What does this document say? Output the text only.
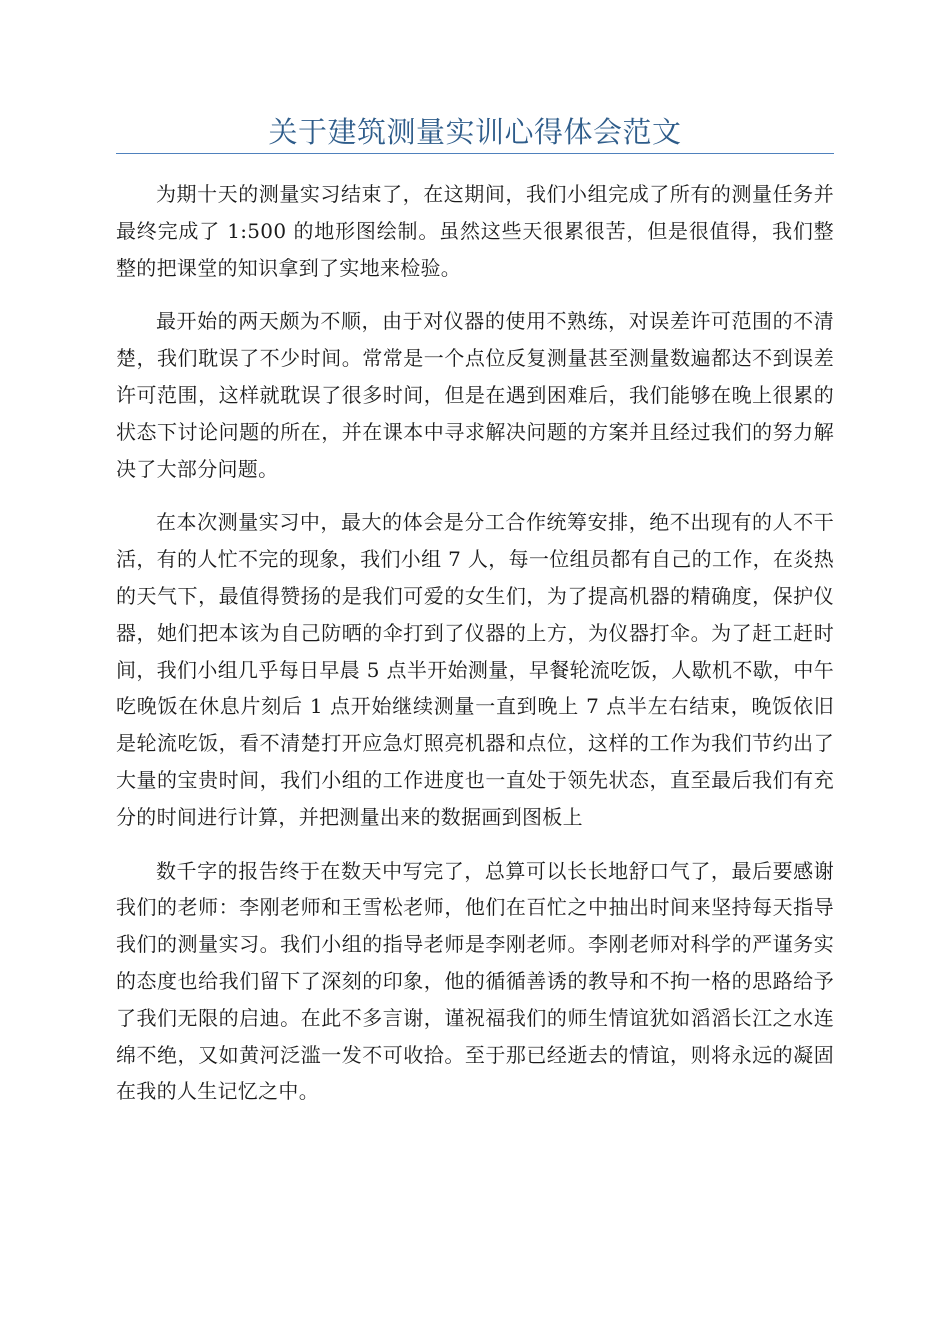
关于建筑测量实训心得体会范文

为期十天的测量实习结束了，在这期间，我们小组完成了所有的测量任务并最终完成了 1:500 的地形图绘制。虽然这些天很累很苦，但是很值得，我们整整的把课堂的知识拿到了实地来检验。

最开始的两天颇为不顺，由于对仪器的使用不熟练，对误差许可范围的不清楚，我们耽误了不少时间。常常是一个点位反复测量甚至测量数遍都达不到误差许可范围，这样就耽误了很多时间，但是在遇到困难后，我们能够在晚上很累的状态下讨论问题的所在，并在课本中寻求解决问题的方案并且经过我们的努力解决了大部分问题。

在本次测量实习中，最大的体会是分工合作统筹安排，绝不出现有的人不干活，有的人忙不完的现象，我们小组 7 人，每一位组员都有自己的工作，在炎热的天气下，最值得赞扬的是我们可爱的女生们，为了提高机器的精确度，保护仪器，她们把本该为自己防晒的伞打到了仪器的上方，为仪器打伞。为了赶工赶时间，我们小组几乎每日早晨 5 点半开始测量，早餐轮流吃饭，人歇机不歇，中午吃晚饭在休息片刻后 1 点开始继续测量一直到晚上 7 点半左右结束，晚饭依旧是轮流吃饭，看不清楚打开应急灯照亮机器和点位，这样的工作为我们节约出了大量的宝贵时间，我们小组的工作进度也一直处于领先状态，直至最后我们有充分的时间进行计算，并把测量出来的数据画到图板上

数千字的报告终于在数天中写完了，总算可以长长地舒口气了，最后要感谢我们的老师：李刚老师和王雪松老师，他们在百忙之中抽出时间来坚持每天指导我们的测量实习。我们小组的指导老师是李刚老师。李刚老师对科学的严谨务实的态度也给我们留下了深刻的印象，他的循循善诱的教导和不拘一格的思路给予了我们无限的启迪。在此不多言谢，谨祝福我们的师生情谊犹如滔滔长江之水连绵不绝，又如黄河泛滥一发不可收拾。至于那已经逝去的情谊，则将永远的凝固在我的人生记忆之中。
